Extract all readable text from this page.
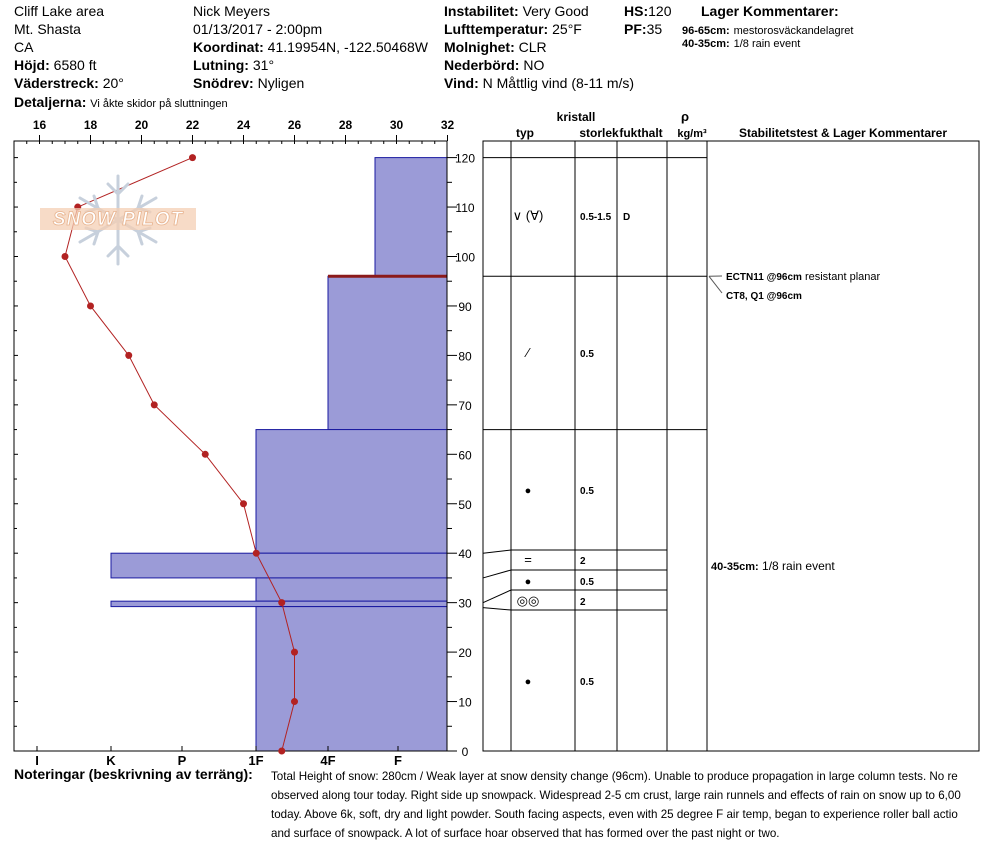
Cliff Lake area
Mt. Shasta
CA
Höjd: 6580 ft
Väderstreck: 20°
Detaljerna: Vi åkte skidor på sluttningen
Nick Meyers
01/13/2017 - 2:00pm
Koordinat: 41.19954N, -122.50468W
Lutning: 31°
Snödrev: Nyligen
Instabilitet: Very Good
Lufttemperatur: 25°F
Molnighet: CLR
Nederbörd: NO
Vind: N Måttlig vind (8-11 m/s)
HS:120
PF:35
Lager Kommentarer:
96-65cm: mestorosväckandelagret
40-35cm: 1/8 rain event
16	18	20	22	24	26	28	30	32
0
10
20
30
40
50
60
70
80
90
100
110
120
I	K	P	1F	4F	F
kristall
typ	storlek fukthalt
ρ
kg/m³	Stabilitetstest & Lager Kommentarer
∨ (∀)	0.5-1.5 D
⁄	0.5
●	0.5
=	2
●	0.5
◎◎	2
●	0.5
ECTN11 @96cm resistant planar
CT8, Q1 @96cm
40-35cm: 1/8 rain event
SNOW PILOT
Noteringar (beskrivning av terräng): Total Height of snow: 280cm / Weak layer at snow density change (96cm). Unable to produce propagation in large column tests. No re
observed along tour today. Right side up snowpack. Widespread 2-5 cm crust, large rain runnels and effects of rain on snow up to 6,00
today. Above 6k, soft, dry and light powder. South facing aspects, even with 25 degree F air temp, began to experience roller ball actio
and surface of snowpack. A lot of surface hoar observed that has formed over the past night or two.
